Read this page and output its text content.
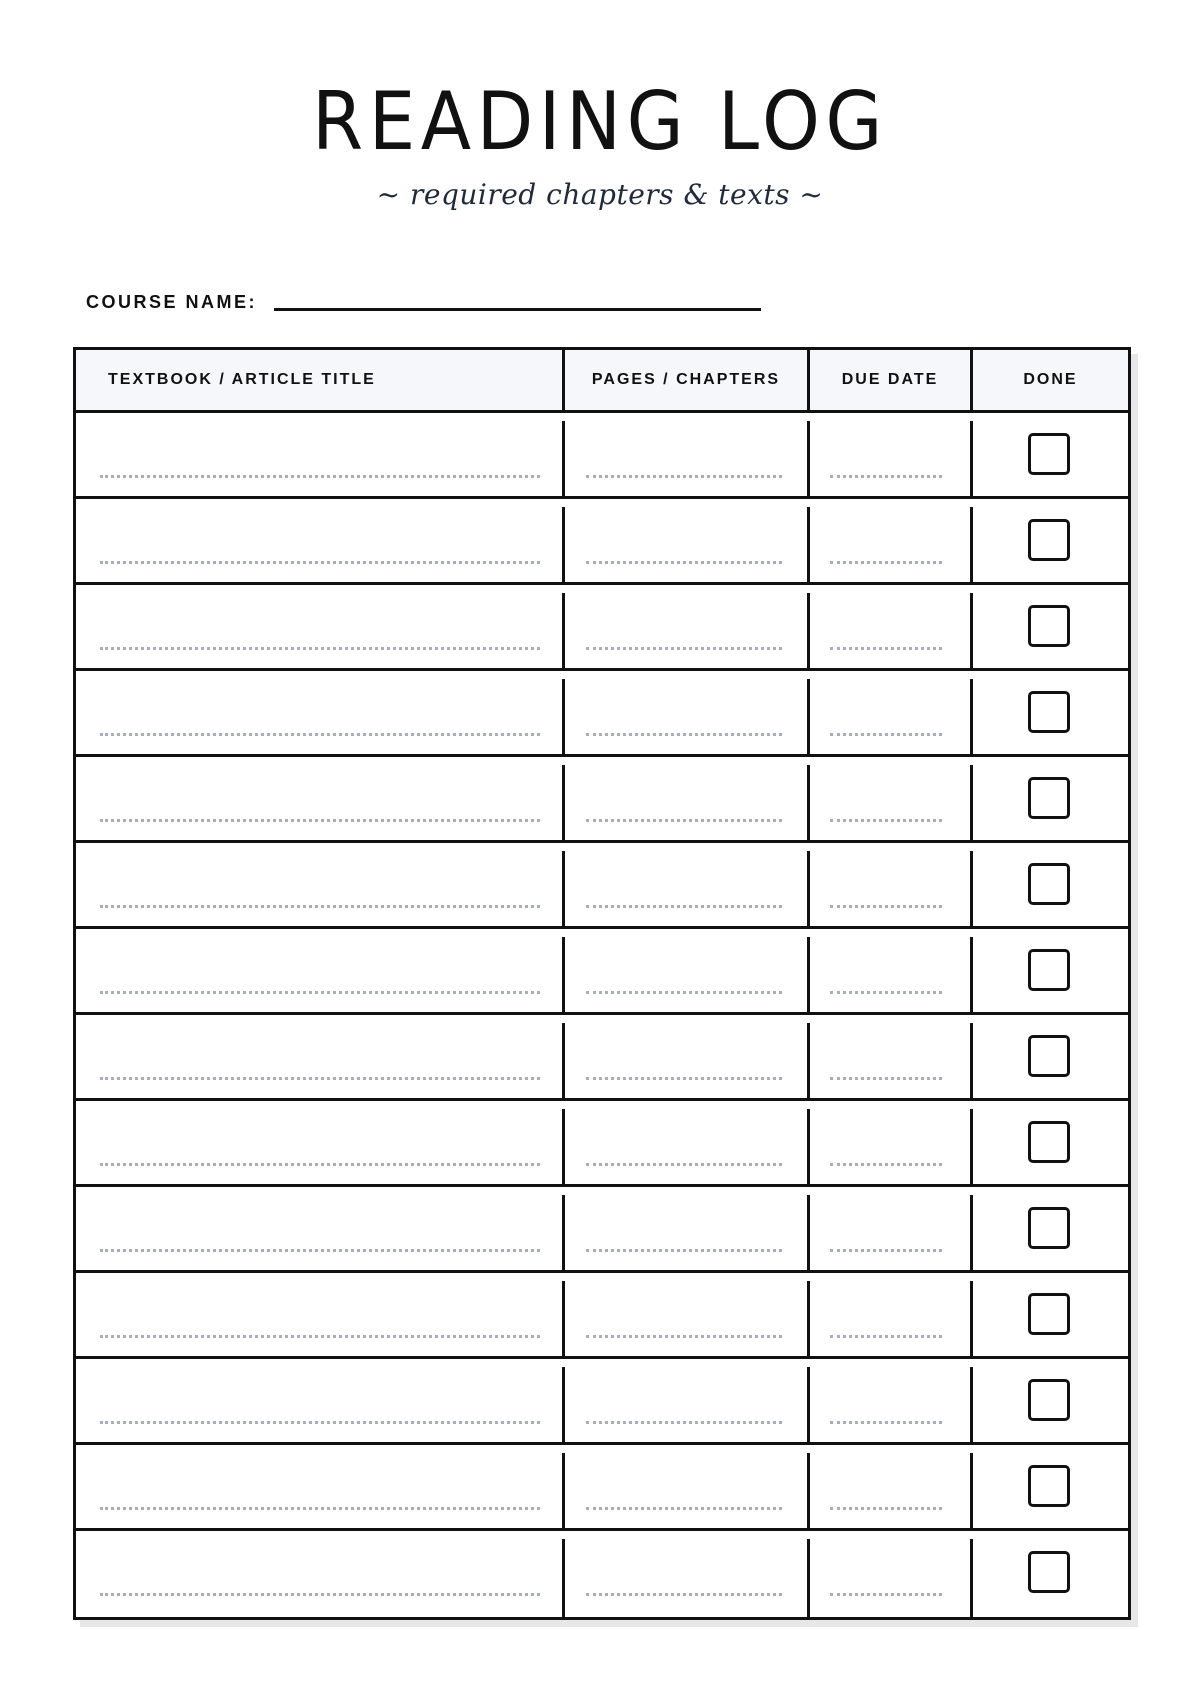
READING LOG
~ required chapters & texts ~
COURSE NAME:
TEXTBOOK / ARTICLE TITLE	PAGES / CHAPTERS	DUE DATE	DONE
